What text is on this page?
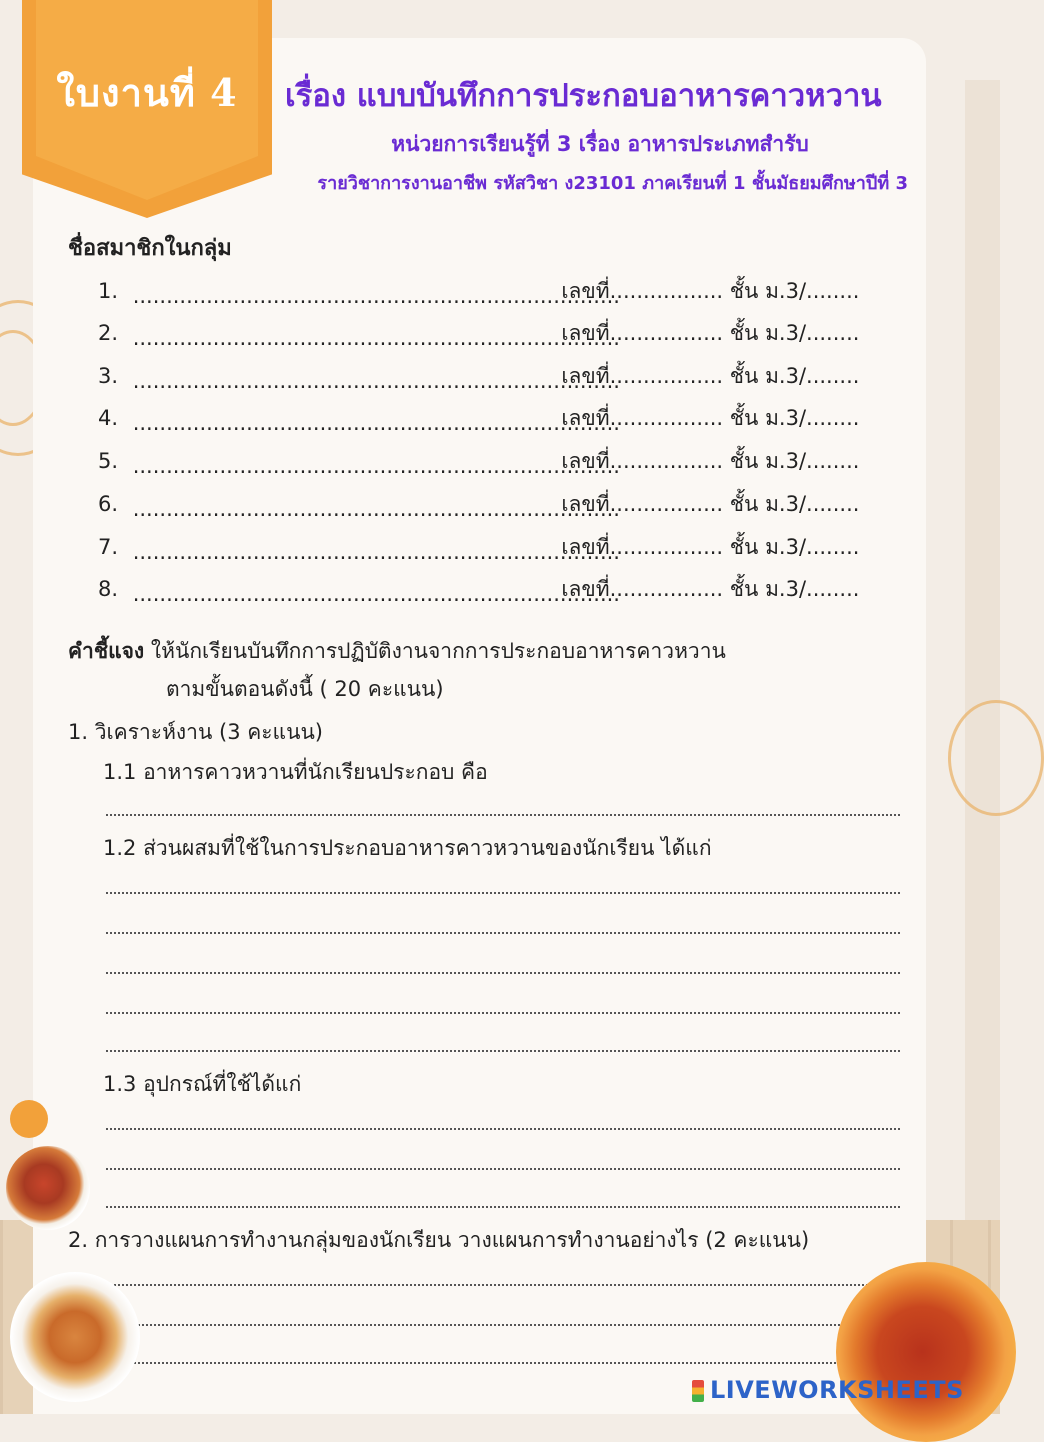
ใบงานที่ 4	เรื่อง แบบบันทึกการประกอบอาหารคาวหวาน
หน่วยการเรียนรู้ที่ 3 เรื่อง อาหารประเภทสำรับ
รายวิชาการงานอาชีพ รหัสวิชา ง23101 ภาคเรียนที่ 1 ชั้นมัธยมศึกษาปีที่ 3
ชื่อสมาชิกในกลุ่ม
1. ......................................................................... เลขที่................. ชั้น ม.3/........
2. ......................................................................... เลขที่................. ชั้น ม.3/........
3. ......................................................................... เลขที่................. ชั้น ม.3/........
4. ......................................................................... เลขที่................. ชั้น ม.3/........
5. ......................................................................... เลขที่................. ชั้น ม.3/........
6. ......................................................................... เลขที่................. ชั้น ม.3/........
7. ......................................................................... เลขที่................. ชั้น ม.3/........
8. ......................................................................... เลขที่................. ชั้น ม.3/........
คำชี้แจง ให้นักเรียนบันทึกการปฏิบัติงานจากการประกอบอาหารคาวหวาน
ตามขั้นตอนดังนี้ ( 20 คะแนน)
1. วิเคราะห์งาน (3 คะแนน)
1.1 อาหารคาวหวานที่นักเรียนประกอบ คือ
1.2 ส่วนผสมที่ใช้ในการประกอบอาหารคาวหวานของนักเรียน ได้แก่
1.3 อุปกรณ์ที่ใช้ได้แก่
2. การวางแผนการทำงานกลุ่มของนักเรียน วางแผนการทำงานอย่างไร (2 คะแนน)
LIVEWORKSHEETS
